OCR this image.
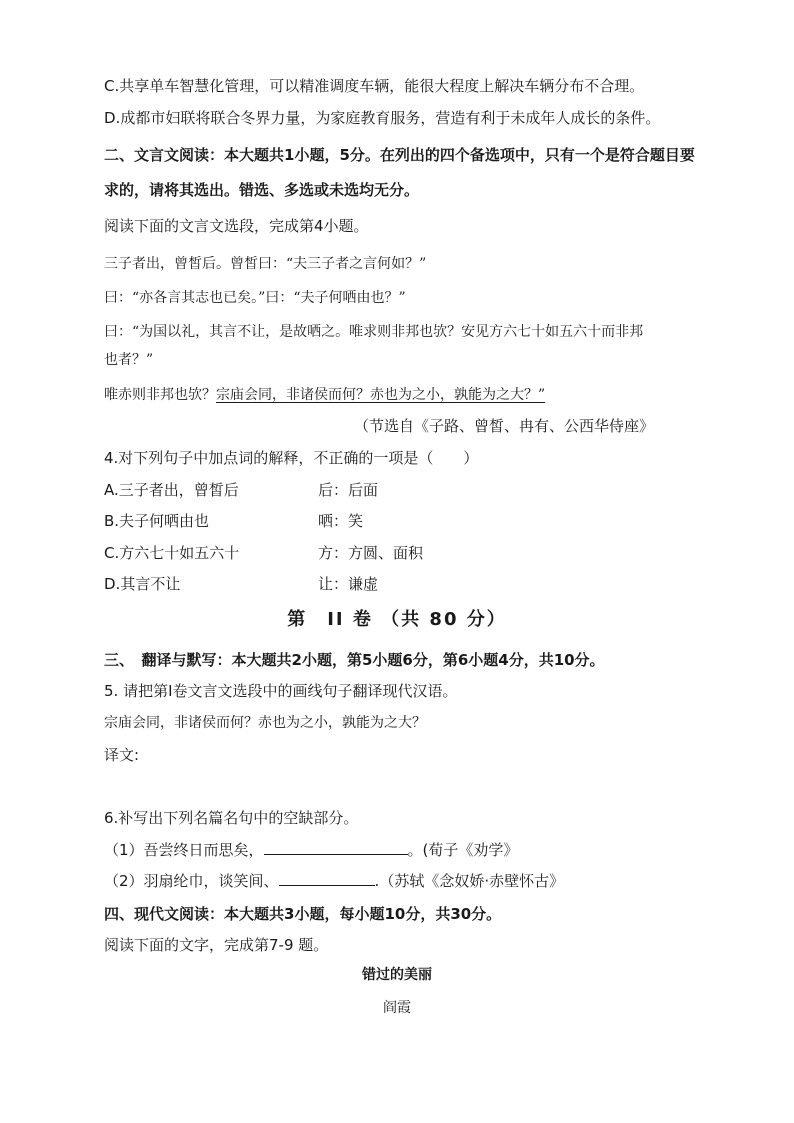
C.共享单车智慧化管理，可以精准调度车辆，能很大程度上解决车辆分布不合理。
D.成都市妇联将联合冬界力量，为家庭教育服务，营造有利于未成年人成长的条件。
二、文言文阅读：本大题共1小题，5分。在列出的四个备选项中，只有一个是符合题目要
求的，请将其选出。错选、多选或未选均无分。
阅读下面的文言文选段，完成第4小题。
三子者出，曾皙后。曾皙曰：“夫三子者之言何如？”
曰：“亦各言其志也已矣。”曰：“夫子何哂由也？”
曰：“为国以礼，其言不让，是故哂之。唯求则非邦也欤？安见方六七十如五六十而非邦
也者？”
唯赤则非邦也欤？宗庙会同，非诸侯而何？赤也为之小，孰能为之大？”
（节选自《子路、曾皙、冉有、公西华侍座》
4.对下列句子中加点词的解释，不正确的一项是（　　）
A.三子者出，曾皙后	后：后面
B.夫子何哂由也	哂：笑
C.方六七十如五六十	方：方圆、面积
D.其言不让	让：谦虚
第　II 卷 （共 80 分）
三、　翻译与默写：本大题共2小题，第5小题6分，第6小题4分，共10分。
5. 请把第I卷文言文选段中的画线句子翻译现代汉语。
宗庙会同，非诸侯而何？赤也为之小，孰能为之大？
译文:
6.补写出下列名篇名句中的空缺部分。
（1）吾尝终日而思矣，	。(荀子《劝学》
（2）羽扇纶巾，谈笑间、	.（苏轼《念奴娇·赤壁怀古》
四、现代文阅读：本大题共3小题，每小题10分，共30分。
阅读下面的文字，完成第7-9 题。
错过的美丽
阎霞
